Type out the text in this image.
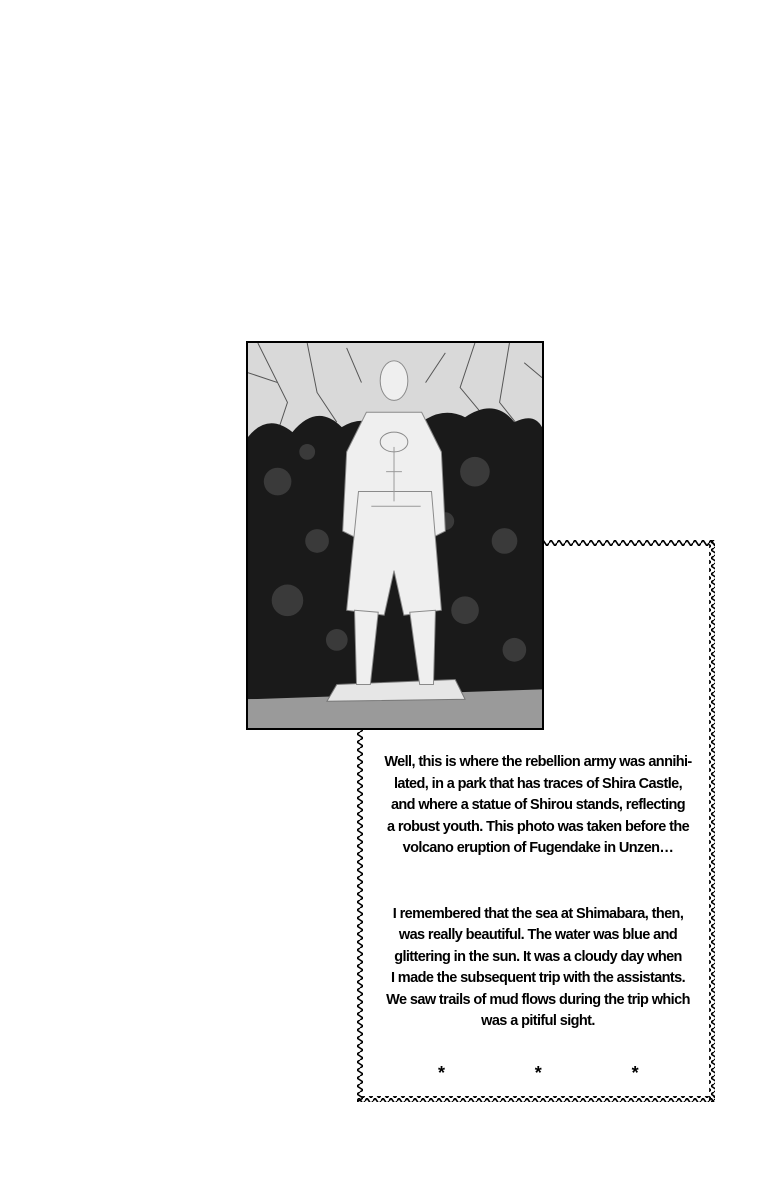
Well, this is where the rebellion army was annihi-
lated, in a park that has traces of Shira Castle,
and where a statue of Shirou stands, reflecting
a robust youth. This photo was taken before the
volcano eruption of Fugendake in Unzen…

I remembered that the sea at Shimabara, then,
was really beautiful. The water was blue and
glittering in the sun. It was a cloudy day when
I made the subsequent trip with the assistants.
We saw trails of mud flows during the trip which
was a pitiful sight.

*	*	*
